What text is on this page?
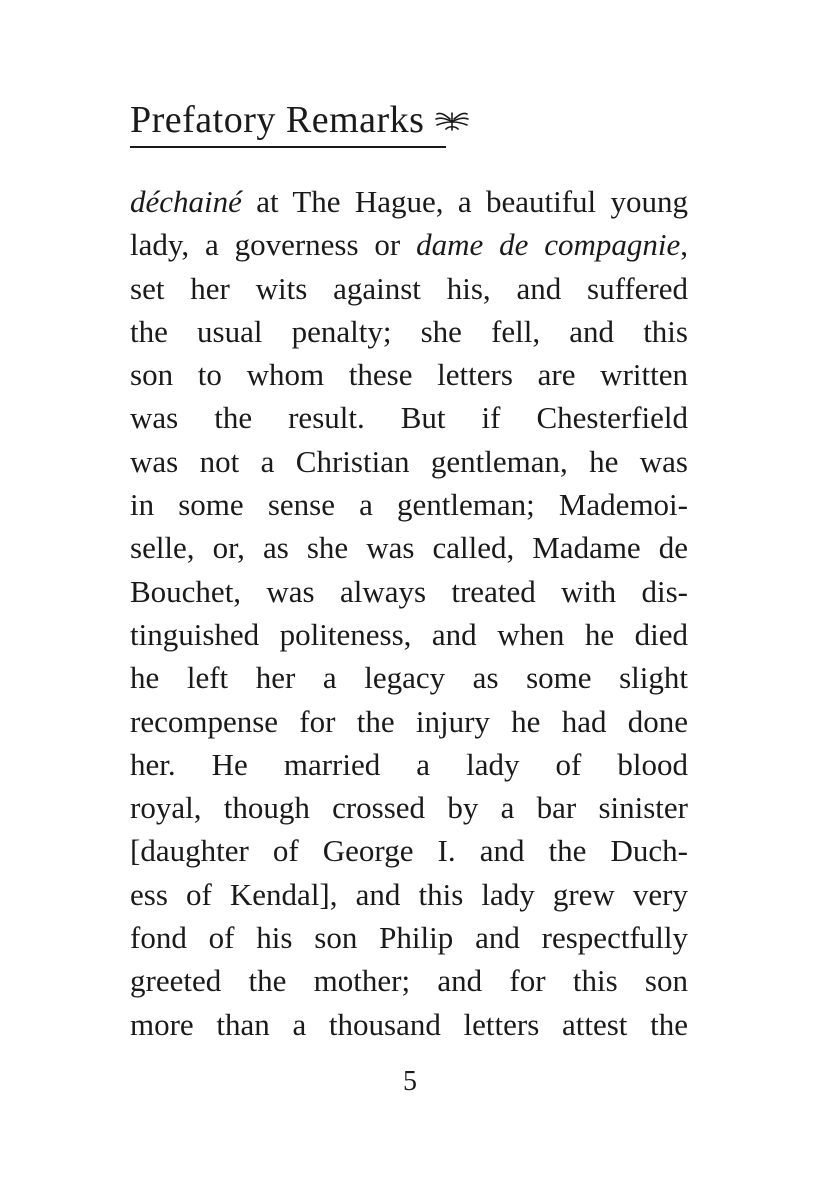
Prefatory Remarks
déchainé at The Hague, a beautiful young
lady, a governess or dame de compagnie,
set her wits against his, and suffered
the usual penalty; she fell, and this
son to whom these letters are written
was the result. But if Chesterfield
was not a Christian gentleman, he was
in some sense a gentleman; Mademoi-
selle, or, as she was called, Madame de
Bouchet, was always treated with dis-
tinguished politeness, and when he died
he left her a legacy as some slight
recompense for the injury he had done
her. He married a lady of blood
royal, though crossed by a bar sinister
[daughter of George I. and the Duch-
ess of Kendal], and this lady grew very
fond of his son Philip and respectfully
greeted the mother; and for this son
more than a thousand letters attest the
5
